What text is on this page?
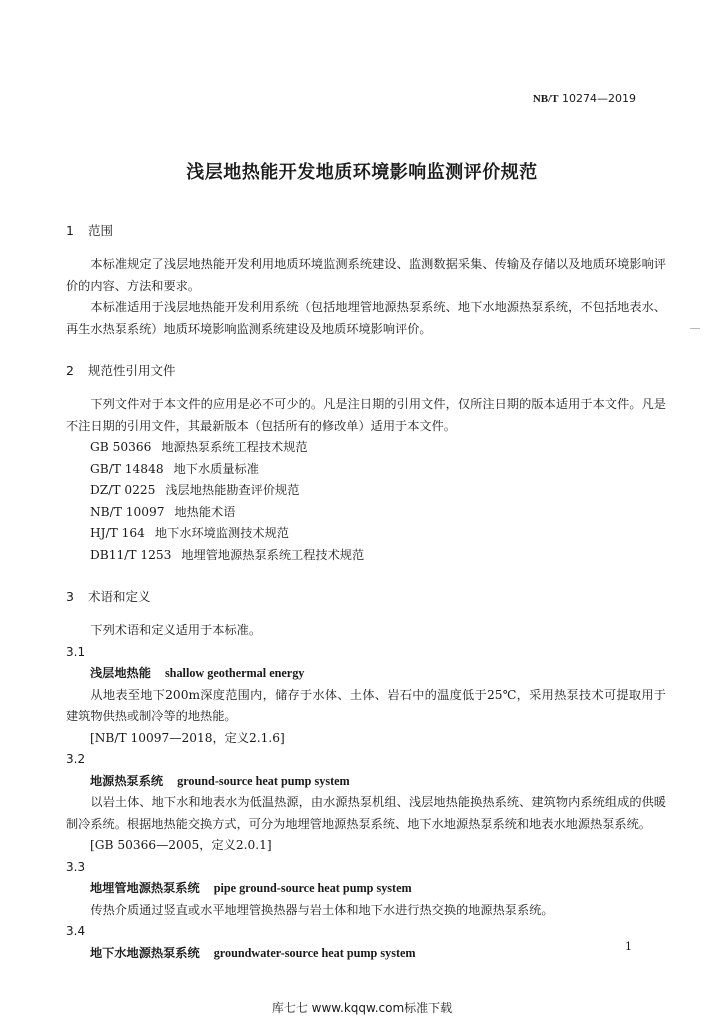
NB/T 10274—2019
浅层地热能开发地质环境影响监测评价规范
1 范围

本标准规定了浅层地热能开发利用地质环境监测系统建设、监测数据采集、传输及存储以及地质环境影响评价的内容、方法和要求。

本标准适用于浅层地热能开发利用系统（包括地埋管地源热泵系统、地下水地源热泵系统，不包括地表水、再生水热泵系统）地质环境影响监测系统建设及地质环境影响评价。

2 规范性引用文件

下列文件对于本文件的应用是必不可少的。凡是注日期的引用文件，仅所注日期的版本适用于本文件。凡是不注日期的引用文件，其最新版本（包括所有的修改单）适用于本文件。

GB 50366 地源热泵系统工程技术规范

GB/T 14848 地下水质量标准

DZ/T 0225 浅层地热能勘查评价规范

NB/T 10097 地热能术语

HJ/T 164 地下水环境监测技术规范

DB11/T 1253 地埋管地源热泵系统工程技术规范

3 术语和定义

下列术语和定义适用于本标准。

3.1

浅层地热能 shallow geothermal energy

从地表至地下200m深度范围内，储存于水体、土体、岩石中的温度低于25℃，采用热泵技术可提取用于建筑物供热或制冷等的地热能。

[NB/T 10097—2018，定义2.1.6]

3.2

地源热泵系统 ground-source heat pump system

以岩土体、地下水和地表水为低温热源，由水源热泵机组、浅层地热能换热系统、建筑物内系统组成的供暖制冷系统。根据地热能交换方式，可分为地埋管地源热泵系统、地下水地源热泵系统和地表水地源热泵系统。

[GB 50366—2005，定义2.0.1]

3.3

地埋管地源热泵系统 pipe ground-source heat pump system

传热介质通过竖直或水平地埋管换热器与岩土体和地下水进行热交换的地源热泵系统。

3.4

地下水地源热泵系统 groundwater-source heat pump system	1
库七七 www.kqqw.com标准下载
